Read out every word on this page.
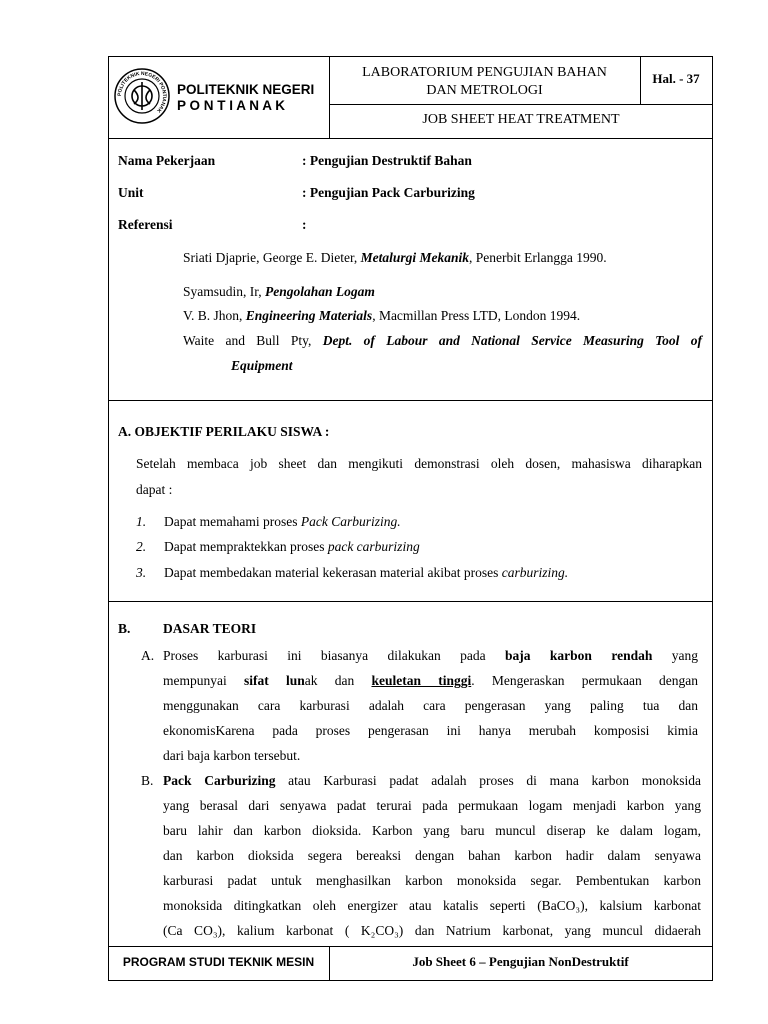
POLITEKNIK NEGERI PONTIANAK
POLITEKNIK NEGERI
P O N T I A N A K
LABORATORIUM PENGUJIAN BAHAN
DAN METROLOGI
Hal. - 37
JOB SHEET HEAT TREATMENT
Nama Pekerjaan	: Pengujian Destruktif Bahan
Unit	: Pengujian Pack Carburizing
Referensi	:
Sriati Djaprie, George E. Dieter, Metalurgi Mekanik, Penerbit Erlangga 1990.
Syamsudin, Ir, Pengolahan Logam
V. B. Jhon, Engineering Materials, Macmillan Press LTD, London 1994.
Waite and Bull Pty, Dept. of Labour and National Service Measuring Tool of
Equipment
A. OBJEKTIF PERILAKU SISWA :
Setelah membaca job sheet dan mengikuti demonstrasi oleh dosen, mahasiswa diharapkan
dapat :
1. Dapat memahami proses Pack Carburizing.
2. Dapat mempraktekkan proses pack carburizing
3. Dapat membedakan material kekerasan material akibat proses carburizing.
B. DASAR TEORI
A. Proses karburasi ini biasanya dilakukan pada baja karbon rendah yang
mempunyai sifat lunak dan keuletan tinggi. Mengeraskan permukaan dengan
menggunakan cara karburasi adalah cara pengerasan yang paling tua dan
ekonomisKarena pada proses pengerasan ini hanya merubah komposisi kimia
dari baja karbon tersebut.
B. Pack Carburizing atau Karburasi padat adalah proses di mana karbon monoksida
yang berasal dari senyawa padat terurai pada permukaan logam menjadi karbon yang
baru lahir dan karbon dioksida. Karbon yang baru muncul diserap ke dalam logam,
dan karbon dioksida segera bereaksi dengan bahan karbon hadir dalam senyawa
karburasi padat untuk menghasilkan karbon monoksida segar. Pembentukan karbon
monoksida ditingkatkan oleh energizer atau katalis seperti (BaCO₃), kalsium karbonat
(Ca CO₃), kalium karbonat ( K₂CO₃) dan Natrium karbonat, yang muncul didaerah
PROGRAM STUDI TEKNIK MESIN	Job Sheet 6 – Pengujian NonDestruktif
